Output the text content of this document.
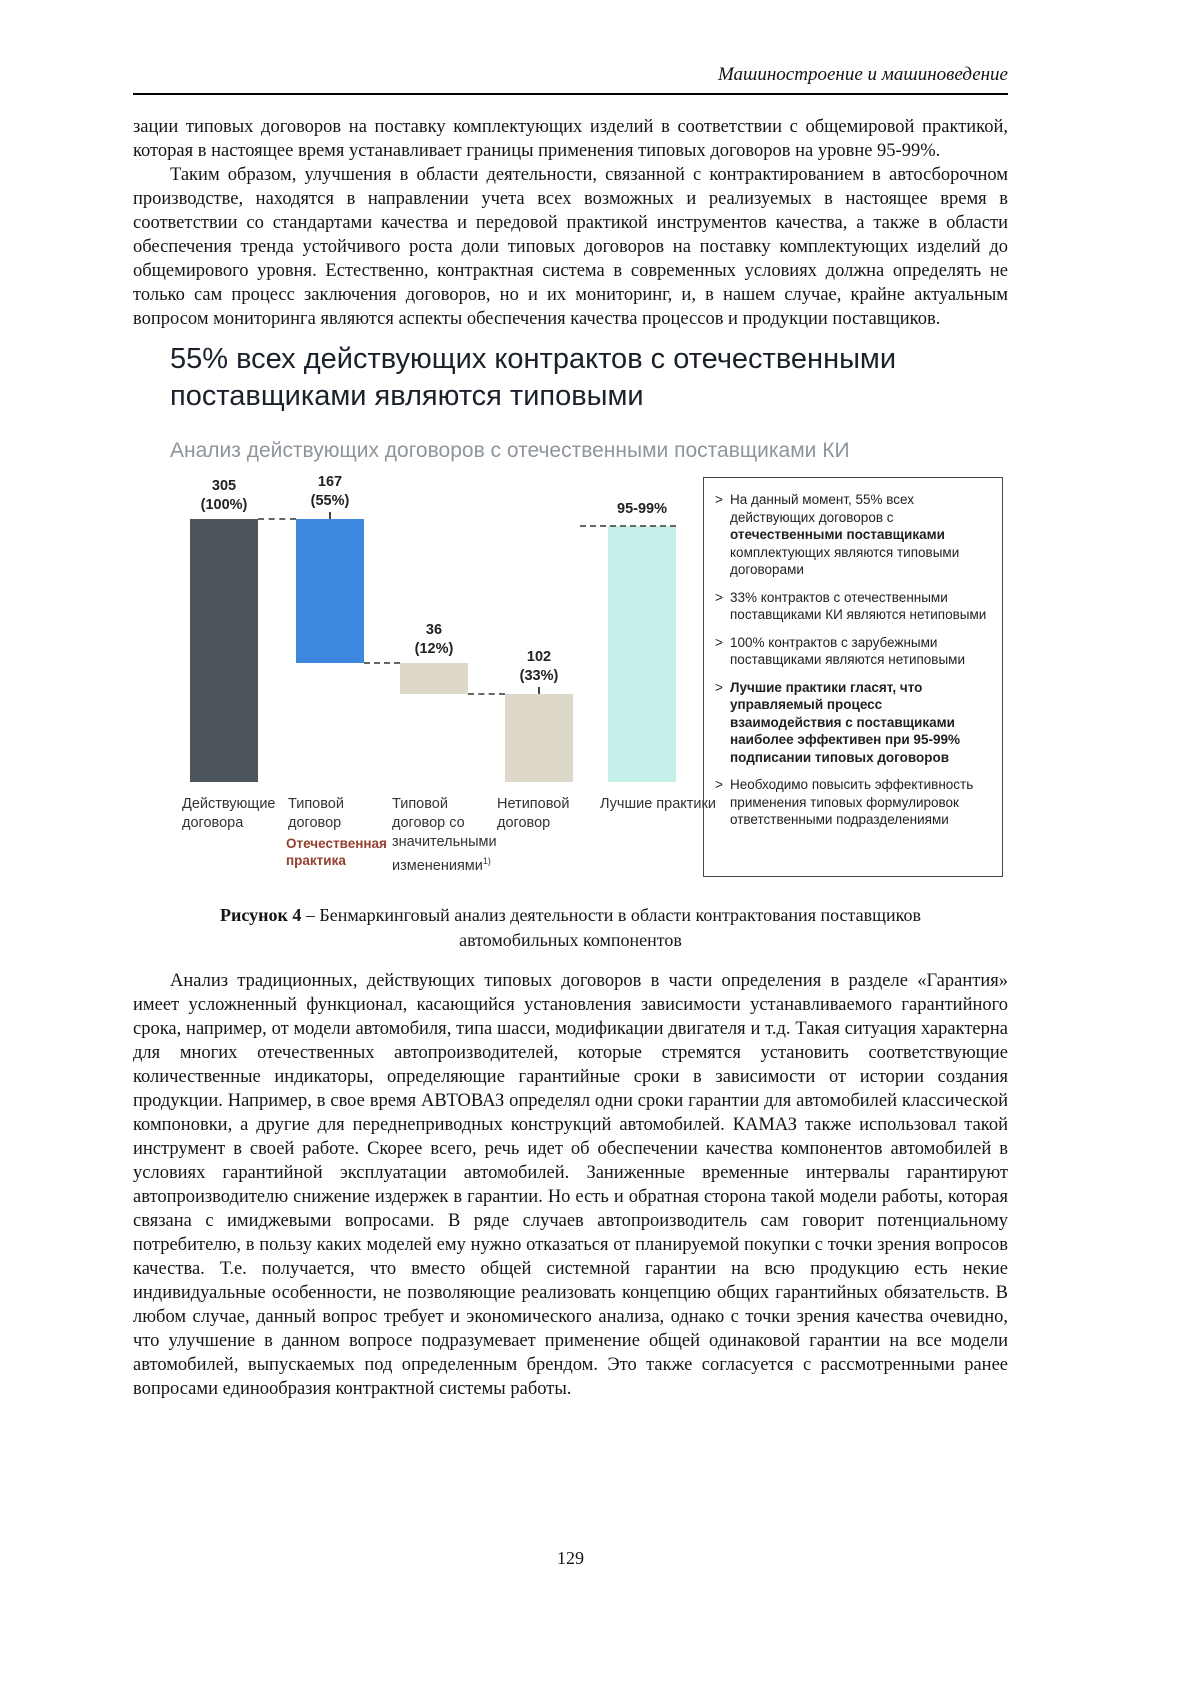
Машиностроение и машиноведение

зации типовых договоров на поставку комплектующих изделий в соответствии с общемировой практикой, которая в настоящее время устанавливает границы применения типовых договоров на уровне 95-99%.

Таким образом, улучшения в области деятельности, связанной с контрактированием в автосборочном производстве, находятся в направлении учета всех возможных и реализуемых в настоящее время в соответствии со стандартами качества и передовой практикой инструментов качества, а также в области обеспечения тренда устойчивого роста доли типовых договоров на поставку комплектующих изделий до общемирового уровня. Естественно, контрактная система в современных условиях должна определять не только сам процесс заключения договоров, но и их мониторинг, и, в нашем случае, крайне актуальным вопросом мониторинга являются аспекты обеспечения качества процессов и продукции поставщиков.

55% всех действующих контрактов с отечественными поставщиками являются типовыми
Анализ действующих договоров с отечественными поставщиками КИ
305
(100%)
Действующие договора
167
(55%)
Типовой договор
36
(12%)
Типовой договор со значительными изменениями$^{1)}$
102
(33%)
Нетиповой договор
95-99%
Лучшие практики
Отечественная практика
> На данный момент, 55% всех действующих договоров с отечественными поставщиками комплектующих являются типовыми договорами
> 33% контрактов с отечественными поставщиками КИ являются нетиповыми
> 100% контрактов с зарубежными поставщиками являются нетиповыми
> Лучшие практики гласят, что управляемый процесс взаимодействия с поставщиками наиболее эффективен при 95-99% подписании типовых договоров
> Необходимо повысить эффективность применения типовых формулировок ответственными подразделениями
Рисунок 4 – Бенмаркинговый анализ деятельности в области контрактования поставщиков автомобильных компонентов

Анализ традиционных, действующих типовых договоров в части определения в разделе «Гарантия» имеет усложненный функционал, касающийся установления зависимости устанавливаемого гарантийного срока, например, от модели автомобиля, типа шасси, модификации двигателя и т.д. Такая ситуация характерна для многих отечественных автопроизводителей, которые стремятся установить соответствующие количественные индикаторы, определяющие гарантийные сроки в зависимости от истории создания продукции. Например, в свое время АВТОВАЗ определял одни сроки гарантии для автомобилей классической компоновки, а другие для переднеприводных конструкций автомобилей. КАМАЗ также использовал такой инструмент в своей работе. Скорее всего, речь идет об обеспечении качества компонентов автомобилей в условиях гарантийной эксплуатации автомобилей. Заниженные временные интервалы гарантируют автопроизводителю снижение издержек в гарантии. Но есть и обратная сторона такой модели работы, которая связана с имиджевыми вопросами. В ряде случаев автопроизводитель сам говорит потенциальному потребителю, в пользу каких моделей ему нужно отказаться от планируемой покупки с точки зрения вопросов качества. Т.е. получается, что вместо общей системной гарантии на всю продукцию есть некие индивидуальные особенности, не позволяющие реализовать концепцию общих гарантийных обязательств. В любом случае, данный вопрос требует и экономического анализа, однако с точки зрения качества очевидно, что улучшение в данном вопросе подразумевает применение общей одинаковой гарантии на все модели автомобилей, выпускаемых под определенным брендом. Это также согласуется с рассмотренными ранее вопросами единообразия контрактной системы работы.

129
